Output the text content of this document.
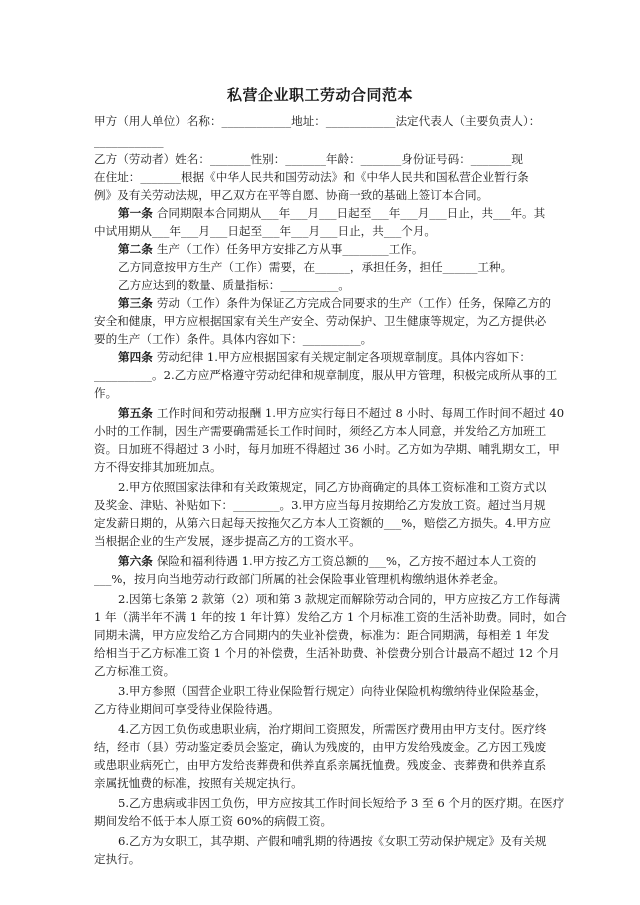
私营企业职工劳动合同范本
甲方（用人单位）名称：____________地址：____________法定代表人（主要负责人）：
____________
乙方（劳动者）姓名：_______性别：_______年龄：_______身份证号码：_______现
在住址：_______根据《中华人民共和国劳动法》和《中华人民共和国私营企业暂行条
例》及有关劳动法规，甲乙双方在平等自愿、协商一致的基础上签订本合同。
第一条 合同期限本合同期从___年___月___日起至___年___月___日止，共___年。其
中试用期从___年___月___日起至___年___月___日止，共___个月。
第二条 生产（工作）任务甲方安排乙方从事________工作。
乙方同意按甲方生产（工作）需要，在______，承担任务，担任______工种。
乙方应达到的数量、质量指标：__________。
第三条 劳动（工作）条件为保证乙方完成合同要求的生产（工作）任务，保障乙方的
安全和健康，甲方应根据国家有关生产安全、劳动保护、卫生健康等规定，为乙方提供必
要的生产（工作）条件。具体内容如下：__________。
第四条 劳动纪律 1.甲方应根据国家有关规定制定各项规章制度。具体内容如下：
__________。2.乙方应严格遵守劳动纪律和规章制度，服从甲方管理，积极完成所从事的工
作。
第五条 工作时间和劳动报酬 1.甲方应实行每日不超过 8 小时、每周工作时间不超过 40
小时的工作制，因生产需要确需延长工作时间时，须经乙方本人同意，并发给乙方加班工
资。日加班不得超过 3 小时，每月加班不得超过 36 小时。乙方如为孕期、哺乳期女工，甲
方不得安排其加班加点。
2.甲方依照国家法律和有关政策规定，同乙方协商确定的具体工资标准和工资方式以
及奖金、津贴、补贴如下：________。3.甲方应当每月按期给乙方发放工资。超过当月规
定发薪日期的，从第六日起每天按拖欠乙方本人工资额的___%，赔偿乙方损失。4.甲方应
当根据企业的生产发展，逐步提高乙方的工资水平。
第六条 保险和福利待遇 1.甲方按乙方工资总额的___%，乙方按不超过本人工资的
___%，按月向当地劳动行政部门所属的社会保险事业管理机构缴纳退休养老金。
2.因第七条第 2 款第（2）项和第 3 款规定而解除劳动合同的，甲方应按乙方工作每满
1 年（满半年不满 1 年的按 1 年计算）发给乙方 1 个月标准工资的生活补助费。同时，如合
同期未满，甲方应发给乙方合同期内的失业补偿费，标准为：距合同期满，每相差 1 年发
给相当于乙方标准工资 1 个月的补偿费，生活补助费、补偿费分别合计最高不超过 12 个月
乙方标准工资。
3.甲方参照（国营企业职工待业保险暂行规定）向待业保险机构缴纳待业保险基金，
乙方待业期间可享受待业保险待遇。
4.乙方因工负伤或患职业病，治疗期间工资照发，所需医疗费用由甲方支付。医疗终
结，经市（县）劳动鉴定委员会鉴定，确认为残废的，由甲方发给残废金。乙方因工残废
或患职业病死亡，由甲方发给丧葬费和供养直系亲属抚恤费。残废金、丧葬费和供养直系
亲属抚恤费的标准，按照有关规定执行。
5.乙方患病或非因工负伤，甲方应按其工作时间长短给予 3 至 6 个月的医疗期。在医疗
期间发给不低于本人原工资 60%的病假工资。
6.乙方为女职工，其孕期、产假和哺乳期的待遇按《女职工劳动保护规定》及有关规
定执行。
